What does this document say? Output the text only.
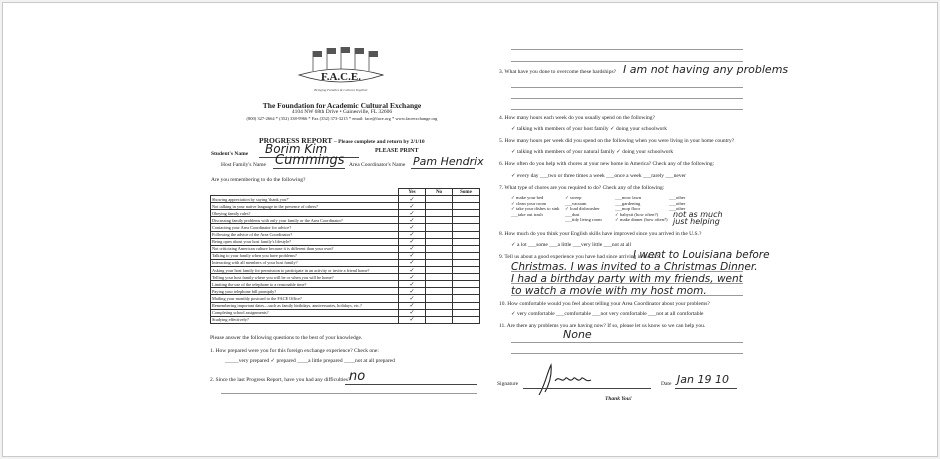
F.A.C.E.
Bringing Families & Cultures Together
The Foundation for Academic Cultural Exchange
4104 NW 68th Drive • Gainesville, FL 32606
(800) 327-2664 * (352) 338-9966 * Fax (352) 373-3215 * email: face@face.org * www.faceexchange.org
PROGRESS REPORT – Please complete and return by 2/1/10
PLEASE PRINT
Student's Name Borim Kim
Host Family's Name Cummings Area Coordinator's Name Pam Hendrix
Are you remembering to do the following?
	Yes	No	Some
Showing appreciation by saying 'thank you?'	✓		
Not talking in your native language in the presence of others?	✓		
Obeying family rules?	✓		
Discussing family problems with only your family or the Area Coordinator?	✓		
Contacting your Area Coordinator for advice?	✓		
Following the advice of the Area Coordinator?	✓		
Being open about your host family's lifestyle?	✓		
Not criticizing American culture because it is different than your own?	✓		
Talking to your family when you have problems?	✓		
Interacting with all members of your host family?	✓		
Asking your host family for permission to participate in an activity or invite a friend home?	✓		
Telling your host family where you will be or when you will be home?	✓		
Limiting the use of the telephone to a reasonable time?	✓		
Paying your telephone bill promptly?	✓		
Mailing your monthly postcard to the FACE Office?	✓		
Remembering important dates—such as family birthdays, anniversaries, holidays, etc.?	✓		
Completing school assignments?	✓		
Studying effectively?	✓		
Please answer the following questions to the best of your knowledge.
1. How prepared were you for this foreign exchange experience? Check one:
_____very prepared ✓ prepared ____a little prepared ____not at all prepared
2. Since the last Progress Report, have you had any difficulties?
no
3. What have you done to overcome these hardships? I am not having any problems
4. How many hours each week do you usually spend on the following?
✓ talking with members of your host family ✓ doing your schoolwork
5. How many hours per week did you spend on the following when you were living in your home country?
✓ talking with members of your natural family ✓ doing your schoolwork
6. How often do you help with chores at your new home in America? Check any of the following:
✓ every day ___two or three times a week ___once a week ___rarely ___never
7. What type of chores are you required to do? Check any of the following:
✓ make your bed
✓ clean your room
✓ take your dishes to sink
___take out trash
✓ sweep
___vacuum
✓ load dishwasher
___dust
___tidy living room
___mow lawn
___gardening
___mop floor
✓ babysit (how often?)
✓ make dinner (how often?)
___other
___other
___other
not as much
just helping
8. How much do you think your English skills have improved since you arrived in the U.S.?
✓ a lot ___some ___a little ___very little ___not at all
9. Tell us about a good experience you have had since arriving in the U.S.
I went to Louisiana before
Christmas. I was invited to a Christmas Dinner.
I had a birthday party with my friends, went
to watch a movie with my host mom.
10. How comfortable would you feel about telling your Area Coordinator about your problems?
✓ very comfortable ___comfortable ___not very comfortable ___not at all comfortable
11. Are there any problems you are having now? If so, please let us know so we can help you.
None
Signature	Date Jan 19 10
Thank You!
